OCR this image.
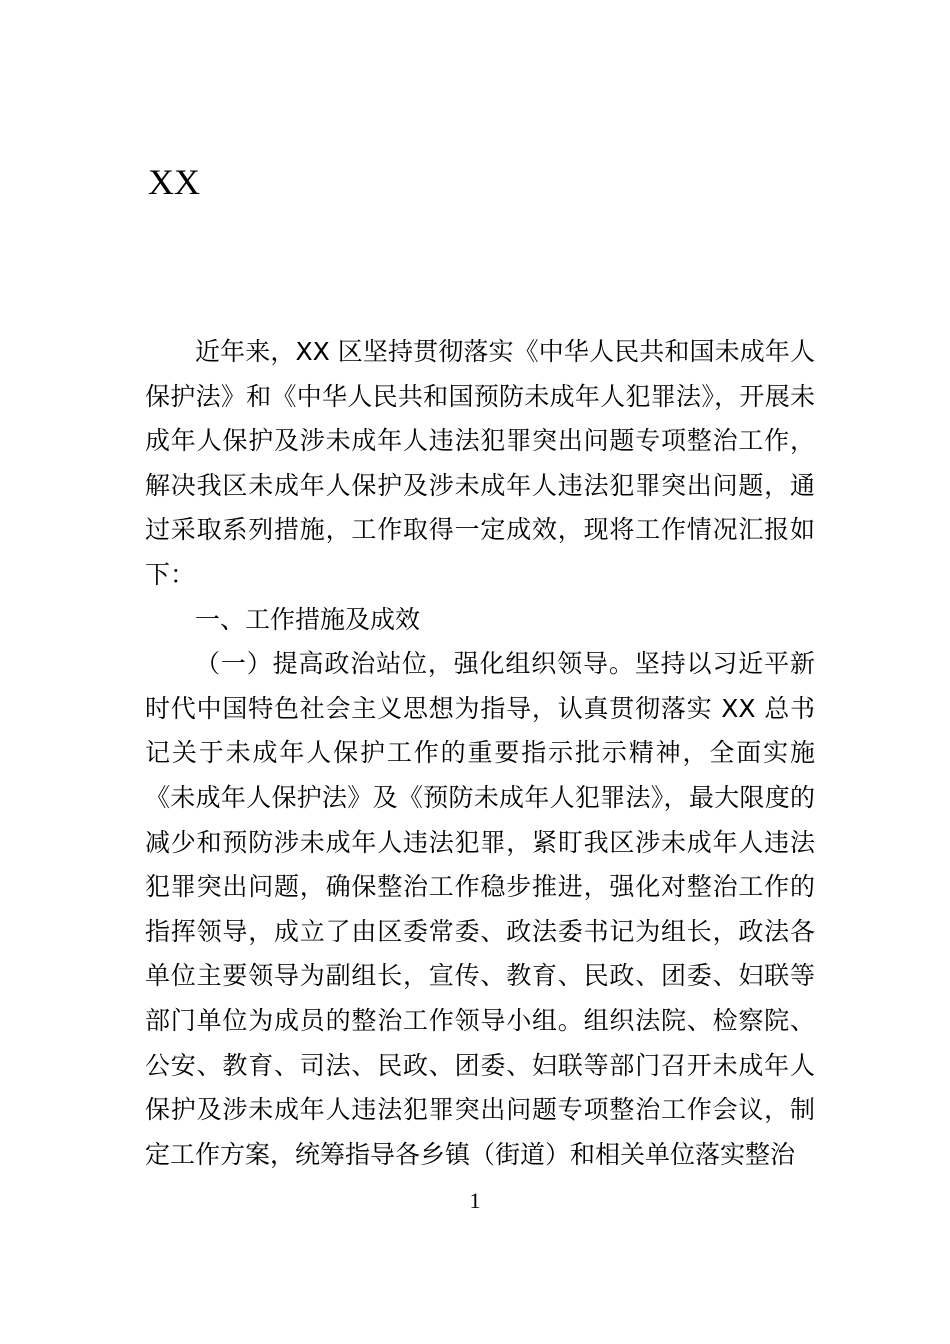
XX

近年来，XX 区坚持贯彻落实《中华人民共和国未成年人保护法》和《中华人民共和国预防未成年人犯罪法》，开展未成年人保护及涉未成年人违法犯罪突出问题专项整治工作，解决我区未成年人保护及涉未成年人违法犯罪突出问题，通过采取系列措施，工作取得一定成效，现将工作情况汇报如下：

一、工作措施及成效

（一）提高政治站位，强化组织领导。坚持以习近平新时代中国特色社会主义思想为指导，认真贯彻落实 XX 总书记关于未成年人保护工作的重要指示批示精神，全面实施《未成年人保护法》及《预防未成年人犯罪法》，最大限度的减少和预防涉未成年人违法犯罪，紧盯我区涉未成年人违法犯罪突出问题，确保整治工作稳步推进，强化对整治工作的指挥领导，成立了由区委常委、政法委书记为组长，政法各单位主要领导为副组长，宣传、教育、民政、团委、妇联等部门单位为成员的整治工作领导小组。组织法院、检察院、公安、教育、司法、民政、团委、妇联等部门召开未成年人保护及涉未成年人违法犯罪突出问题专项整治工作会议，制定工作方案，统筹指导各乡镇（街道）和相关单位落实整治

1
